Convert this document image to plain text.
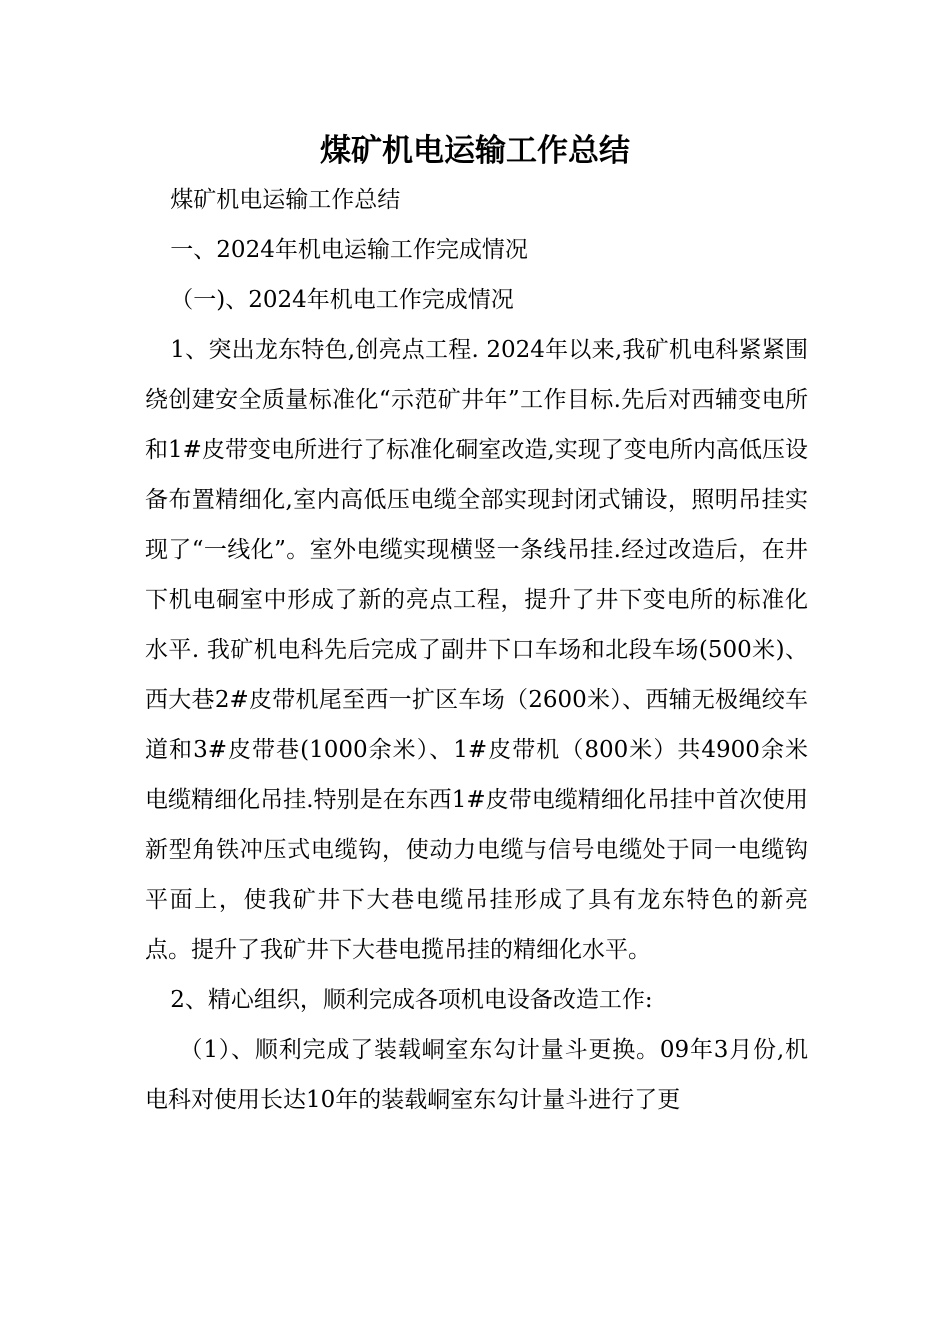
煤矿机电运输工作总结

煤矿机电运输工作总结

一、2024年机电运输工作完成情况

（一)、2024年机电工作完成情况

1、突出龙东特色,创亮点工程. 2024年以来,我矿机电科紧紧围绕创建安全质量标准化“示范矿井年”工作目标.先后对西辅变电所和1#皮带变电所进行了标准化硐室改造,实现了变电所内高低压设备布置精细化,室内高低压电缆全部实现封闭式铺设，照明吊挂实现了“一线化”。室外电缆实现横竖一条线吊挂.经过改造后，在井下机电硐室中形成了新的亮点工程，提升了井下变电所的标准化水平. 我矿机电科先后完成了副井下口车场和北段车场(500米)、西大巷2#皮带机尾至西一扩区车场（2600米）、西辅无极绳绞车道和3#皮带巷(1000余米）、1#皮带机（800米）共4900余米电缆精细化吊挂.特别是在东西1#皮带电缆精细化吊挂中首次使用新型角铁冲压式电缆钩，使动力电缆与信号电缆处于同一电缆钩平面上，使我矿井下大巷电缆吊挂形成了具有龙东特色的新亮点。提升了我矿井下大巷电揽吊挂的精细化水平。

2、精心组织，顺利完成各项机电设备改造工作:

（1）、顺利完成了装载峒室东勾计量斗更换。09年3月份,机电科对使用长达10年的装载峒室东勾计量斗进行了更
